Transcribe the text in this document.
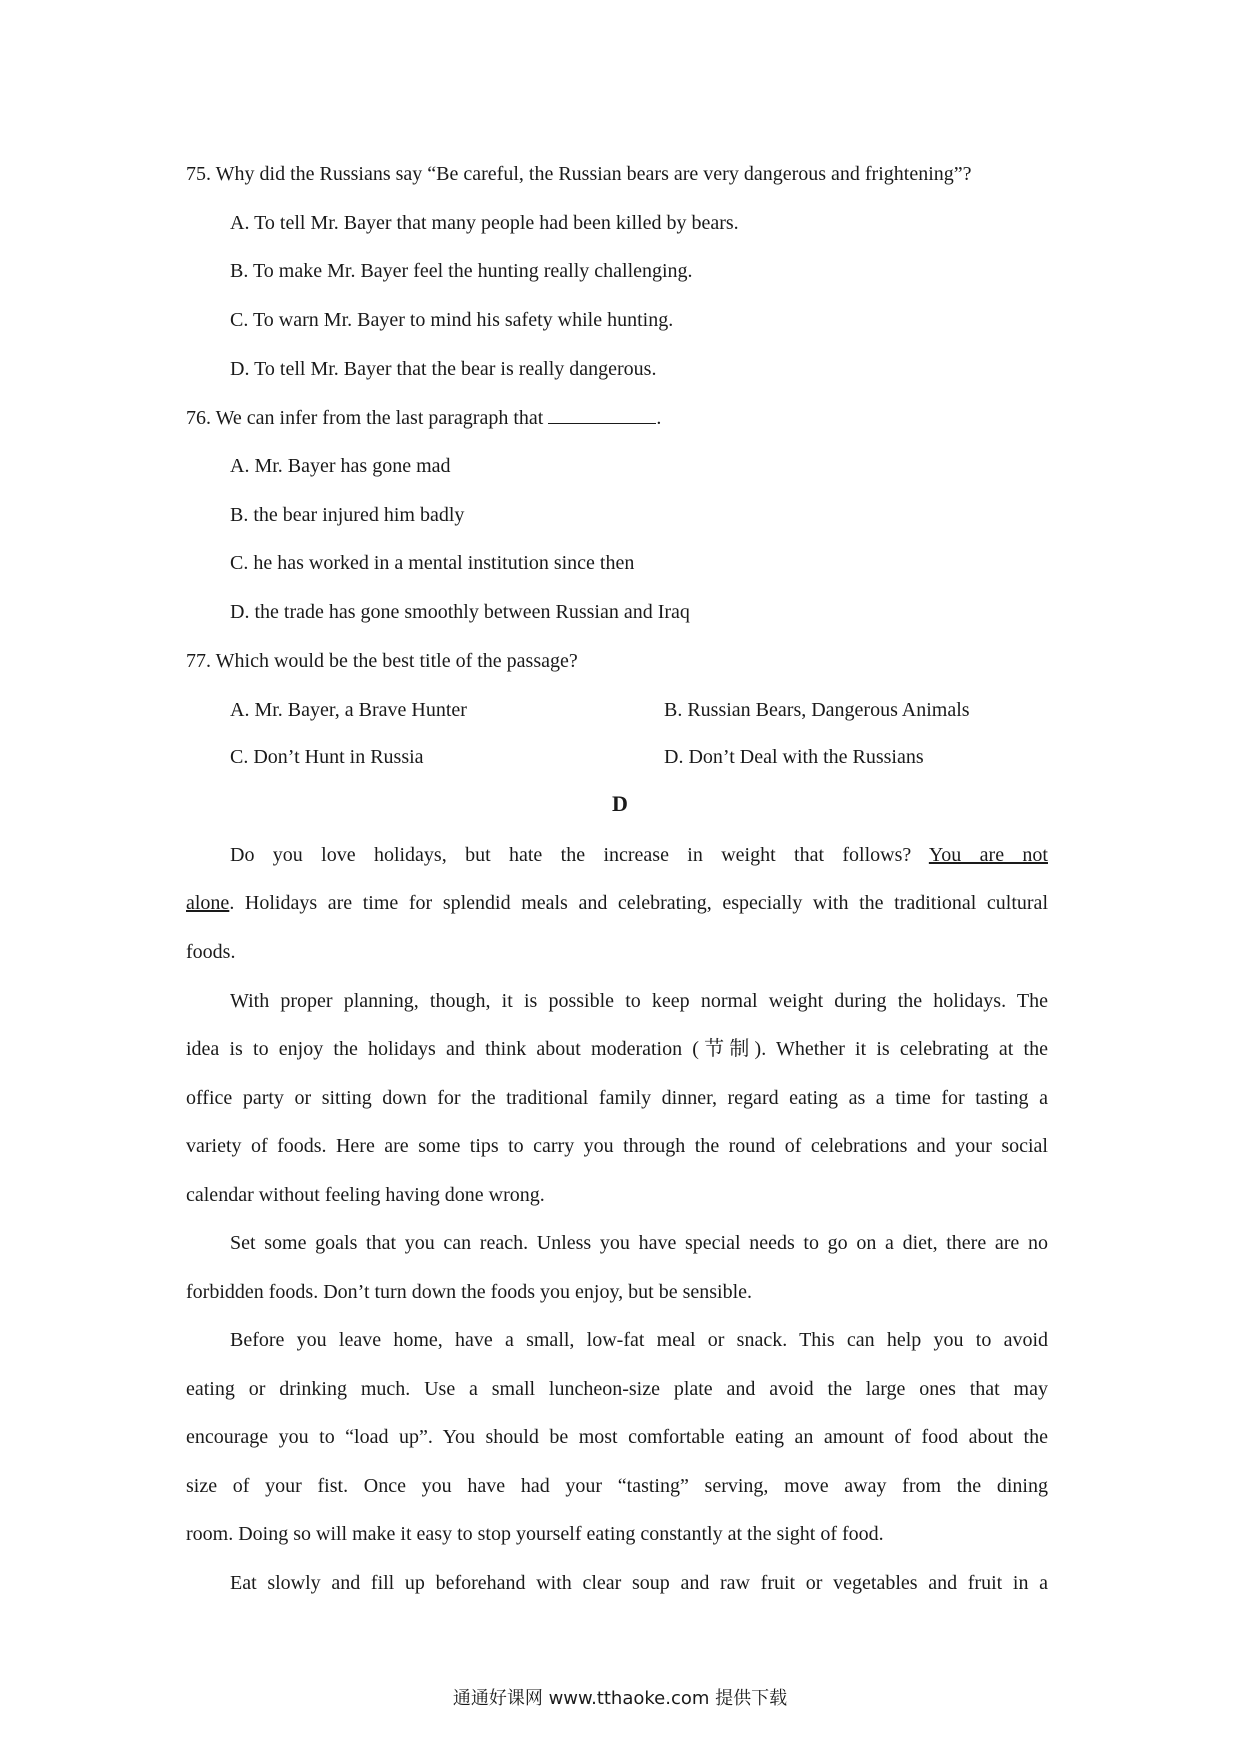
75. Why did the Russians say “Be careful, the Russian bears are very dangerous and frightening”?
A. To tell Mr. Bayer that many people had been killed by bears.
B. To make Mr. Bayer feel the hunting really challenging.
C. To warn Mr. Bayer to mind his safety while hunting.
D. To tell Mr. Bayer that the bear is really dangerous.
76. We can infer from the last paragraph that	.
A. Mr. Bayer has gone mad
B. the bear injured him badly
C. he has worked in a mental institution since then
D. the trade has gone smoothly between Russian and Iraq
77. Which would be the best title of the passage?
A. Mr. Bayer, a Brave Hunter	B. Russian Bears, Dangerous Animals
C. Don’t Hunt in Russia	D. Don’t Deal with the Russians
D
Do you love holidays, but hate the increase in weight that follows? You are not
alone. Holidays are time for splendid meals and celebrating, especially with the traditional cultural
foods.
With proper planning, though, it is possible to keep normal weight during the holidays. The
idea is to enjoy the holidays and think about moderation (节制). Whether it is celebrating at the
office party or sitting down for the traditional family dinner, regard eating as a time for tasting a
variety of foods. Here are some tips to carry you through the round of celebrations and your social
calendar without feeling having done wrong.
Set some goals that you can reach. Unless you have special needs to go on a diet, there are no
forbidden foods. Don’t turn down the foods you enjoy, but be sensible.
Before you leave home, have a small, low-fat meal or snack. This can help you to avoid
eating or drinking much. Use a small luncheon-size plate and avoid the large ones that may
encourage you to “load up”. You should be most comfortable eating an amount of food about the
size of your fist. Once you have had your “tasting” serving, move away from the dining
room. Doing so will make it easy to stop yourself eating constantly at the sight of food.
Eat slowly and fill up beforehand with clear soup and raw fruit or vegetables and fruit in a
通通好课网 www.tthaoke.com 提供下载
